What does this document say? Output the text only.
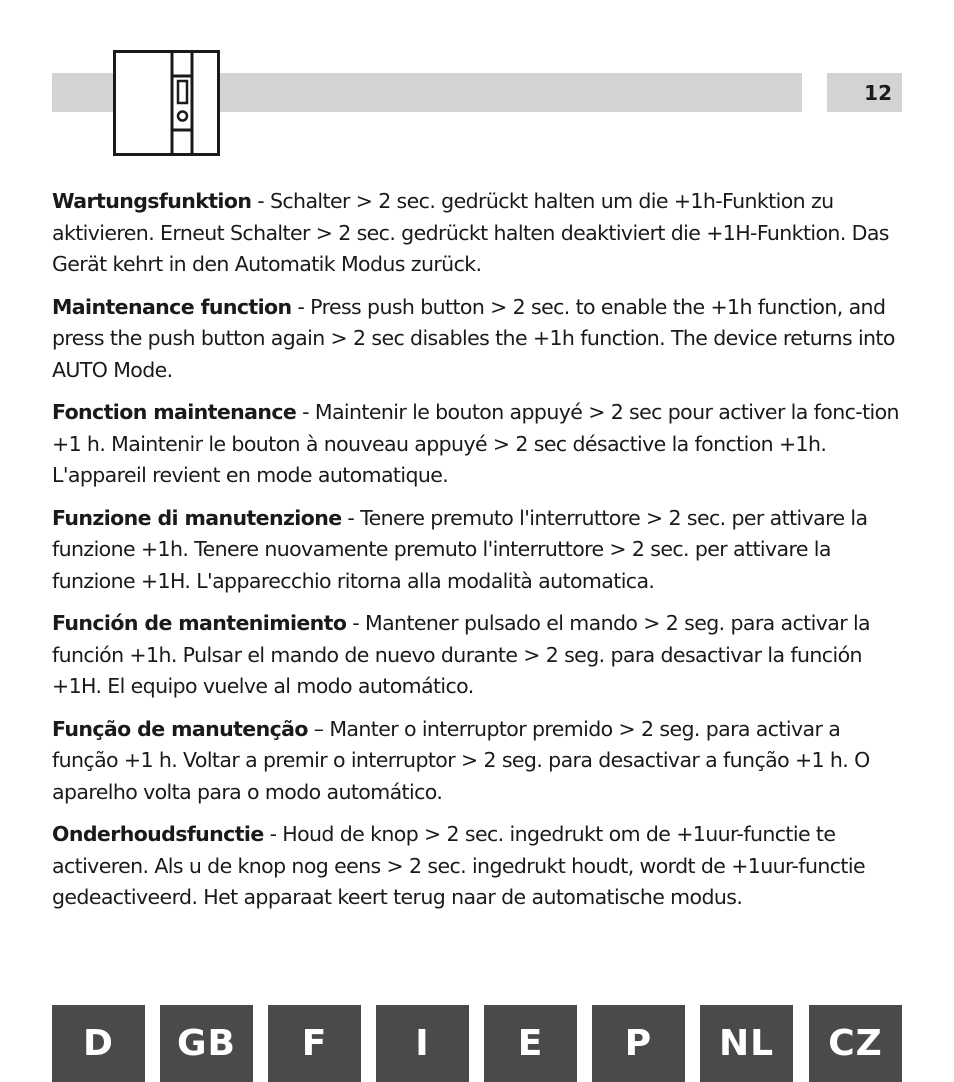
12

Wartungsfunktion - Schalter > 2 sec. gedrückt halten um die +1h-Funktion zu aktivieren. Erneut Schalter > 2 sec. gedrückt halten deaktiviert die +1H-Funktion. Das Gerät kehrt in den Automatik Modus zurück.

Maintenance function - Press push button > 2 sec. to enable the +1h function, and press the push button again > 2 sec disables the +1h function. The device returns into AUTO Mode.

Fonction maintenance - Maintenir le bouton appuyé > 2 sec pour activer la fonc-tion +1 h. Maintenir le bouton à nouveau appuyé > 2 sec désactive la fonction +1h. L'appareil revient en mode automatique.

Funzione di manutenzione - Tenere premuto l'interruttore > 2 sec. per attivare la funzione +1h. Tenere nuovamente premuto l'interruttore > 2 sec. per attivare la funzione +1H. L'apparecchio ritorna alla modalità automatica.

Función de mantenimiento - Mantener pulsado el mando > 2 seg. para activar la función +1h. Pulsar el mando de nuevo durante > 2 seg. para desactivar la función +1H. El equipo vuelve al modo automático.

Função de manutenção – Manter o interruptor premido > 2 seg. para activar a função +1 h. Voltar a premir o interruptor > 2 seg. para desactivar a função +1 h. O aparelho volta para o modo automático.

Onderhoudsfunctie - Houd de knop > 2 sec. ingedrukt om de +1uur-functie te activeren. Als u de knop nog eens > 2 sec. ingedrukt houdt, wordt de +1uur-functie gedeactiveerd. Het apparaat keert terug naar de automatische modus.

D	GB	F	I	E	P	NL	CZ
